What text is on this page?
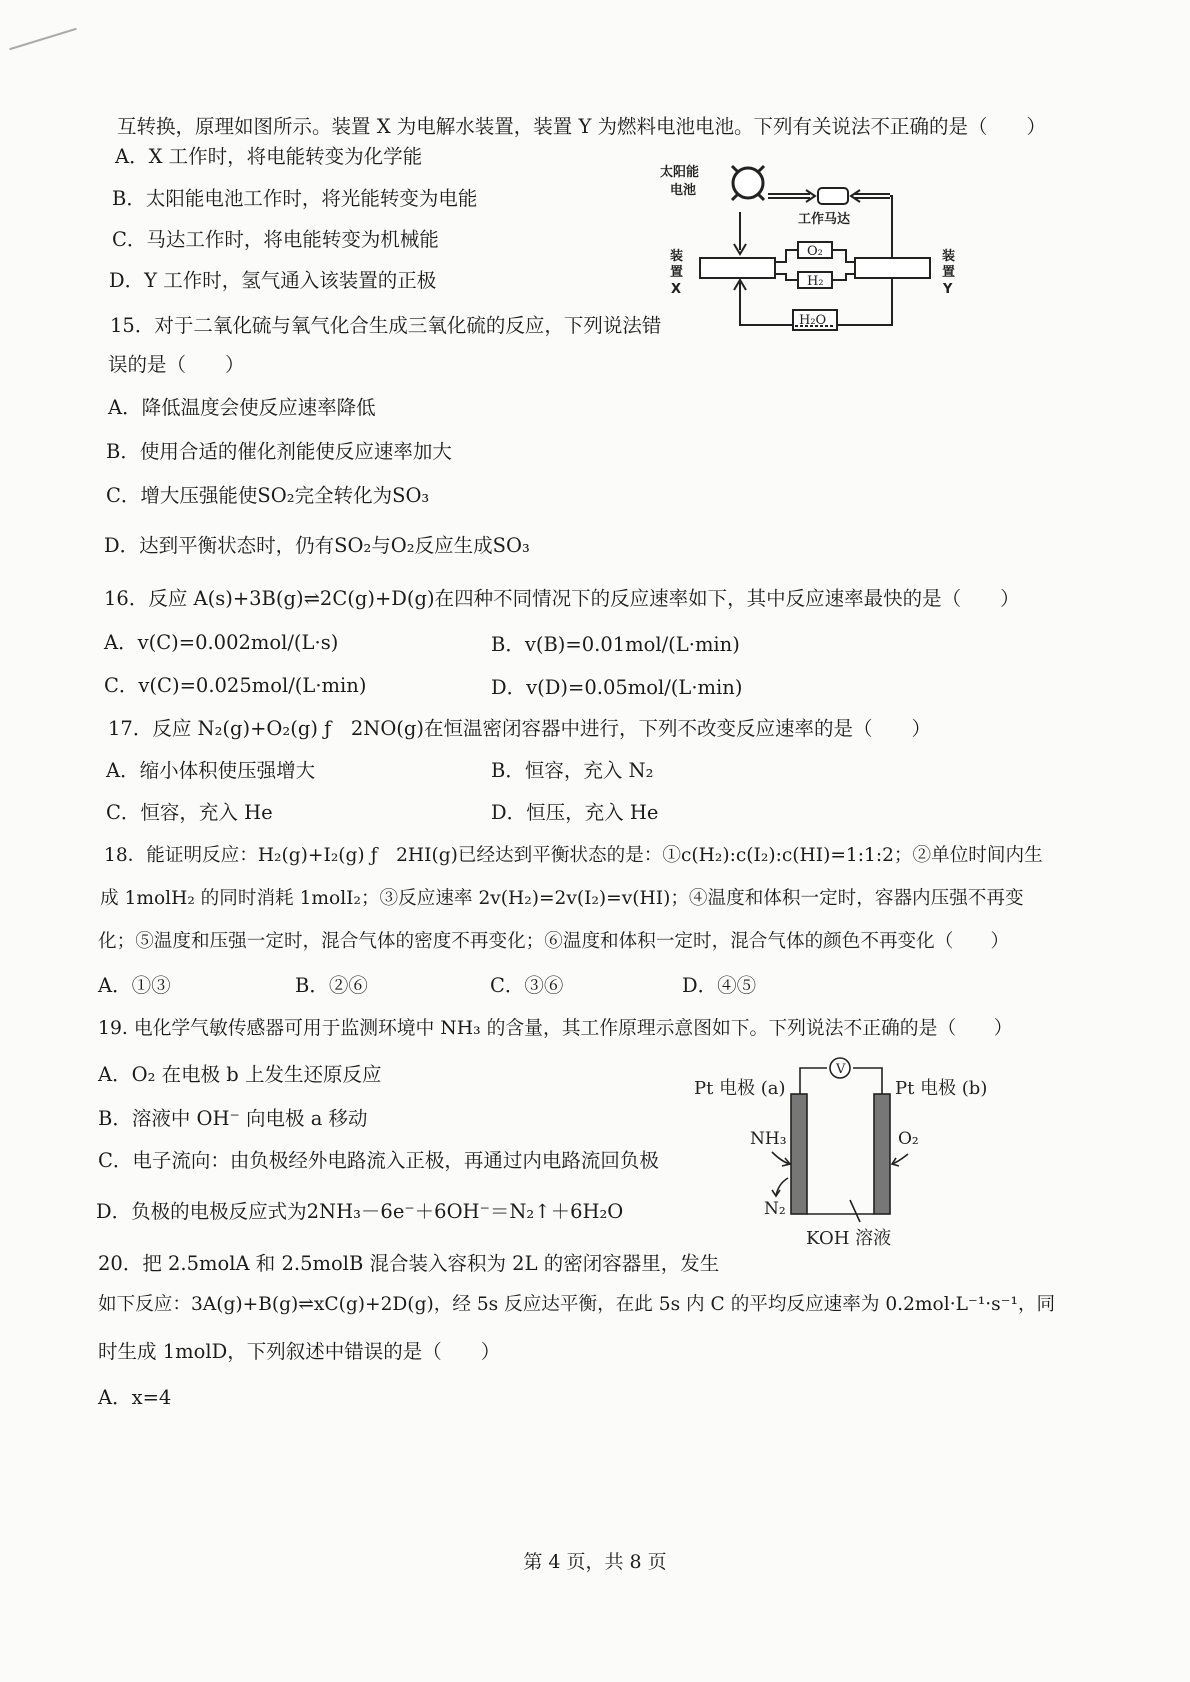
互转换，原理如图所示。装置 X 为电解水装置，装置 Y 为燃料电池电池。下列有关说法不正确的是（　　）
A．X 工作时，将电能转变为化学能
B．太阳能电池工作时，将光能转变为电能
C．马达工作时，将电能转变为机械能
D．Y 工作时，氢气通入该装置的正极
太阳能
电池
工作马达
O₂
H₂
H₂O
装
置
X
装
置
Y
15．对于二氧化硫与氧气化合生成三氧化硫的反应，下列说法错
误的是（　　）
A．降低温度会使反应速率降低
B．使用合适的催化剂能使反应速率加大
C．增大压强能使SO₂完全转化为SO₃
D．达到平衡状态时，仍有SO₂与O₂反应生成SO₃
16．反应 A(s)+3B(g)⇌2C(g)+D(g)在四种不同情况下的反应速率如下，其中反应速率最快的是（　　）
A．v(C)=0.002mol/(L·s)	B．v(B)=0.01mol/(L·min)
C．v(C)=0.025mol/(L·min)	D．v(D)=0.05mol/(L·min)
17．反应 N₂(g)+O₂(g) ƒ　2NO(g)在恒温密闭容器中进行，下列不改变反应速率的是（　　）
A．缩小体积使压强增大	B．恒容，充入 N₂
C．恒容，充入 He	D．恒压，充入 He
18．能证明反应：H₂(g)+I₂(g) ƒ　2HI(g)已经达到平衡状态的是：①c(H₂):c(I₂):c(HI)=1:1:2；②单位时间内生
成 1molH₂ 的同时消耗 1molI₂；③反应速率 2v(H₂)=2v(I₂)=v(HI)；④温度和体积一定时，容器内压强不再变
化；⑤温度和压强一定时，混合气体的密度不再变化；⑥温度和体积一定时，混合气体的颜色不再变化（　　）
A．①③	B．②⑥	C．③⑥	D．④⑤
19. 电化学气敏传感器可用于监测环境中 NH₃ 的含量，其工作原理示意图如下。下列说法不正确的是（　　）
A．O₂ 在电极 b 上发生还原反应
B．溶液中 OH⁻ 向电极 a 移动
C．电子流向：由负极经外电路流入正极，再通过内电路流回负极
D．负极的电极反应式为2NH₃－6e⁻＋6OH⁻＝N₂↑＋6H₂O
V
Pt 电极 (a)	Pt 电极 (b)
NH₃	O₂
N₂
KOH 溶液
20．把 2.5molA 和 2.5molB 混合装入容积为 2L 的密闭容器里，发生
如下反应：3A(g)+B(g)⇌xC(g)+2D(g)，经 5s 反应达平衡，在此 5s 内 C 的平均反应速率为 0.2mol·L⁻¹·s⁻¹，同
时生成 1molD，下列叙述中错误的是（　　）
A．x=4
第 4 页，共 8 页
